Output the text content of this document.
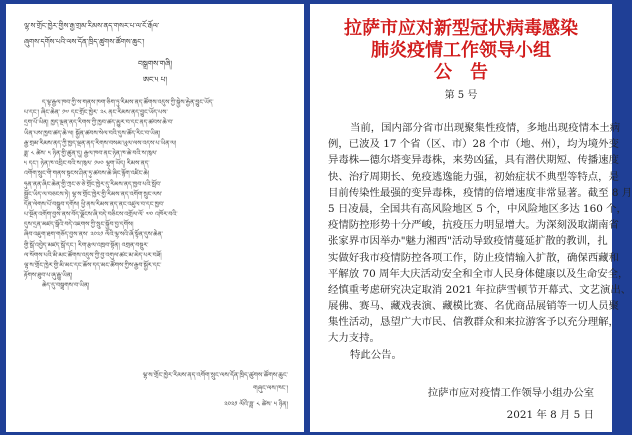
ལྷ་ས་གྲོང་ཁྱེར་གྱིས་རྒྱ་གྲམ་རིམས་ནད་གསར་པ་ལ་ངོ་རྒོལ་
ཞུགས་དགོས་པའི་ལས་དོན་ཁྲིད་ཚུགས་ཚོགས་ཆུང་།
བསྒྲགས་གཞི།
ཨང་༥ པ།
ད་ལྟ་རྒྱལ་ཁབ་ཀྱི་ས་གནས་ཁག་ཅིག་ཏུ་རིམས་ནད་ཚོགས་འདུས་ཀྱི་སྐྱེས་རྐྱེན་བྱུང་ཡོད་
པ་དང་། ཞིང་ཆེན་ ༡༧ དང་གྲོང་ཁྱེར་ ༢༨ ནང་རིམས་ནད་བྱུང་ཡོད་པས་
དྲག་པོ་ཡིན། ཁྱད་ལྡན་ནད་རིགས་ཀྱི་ཁྱབ་ཚད་མྱུར་བ་དང་ནད་ཚབས་ཆེ་བ་
ཡིན་པས་ཁྱབ་ཚད་ཆེ་ལ། སྐྱོན་ཚབས་སེལ་བའི་དུས་ཚོད་རིང་བ་ཡིན།
རྒྱ་གྲམ་རིམས་ནད་ཀྱི་ཁྱད་ལྡན་ནད་རིགས་བསམ་ཡུལ་ལས་འདས་པ་ཡིན་ལ།
ཟླ་ ༨ ཚེས་ ༥ ཉིན་གྱི་ཚུན་དུ། རྒྱལ་ཁབ་ནང་ཉེན་ཁ་ཆེ་བའི་ས་ཁུལ་
༥ དང་། ཉེན་ཁ་འབྲིང་བའི་ས་ཁུལ་ ༡༦༠ ལྷག་ཡོད། རིམས་ནད་
འགོག་སྲུང་གི་གནས་སྟངས་ཤིན་ཏུ་ཚབས་ཆེ་ཞིང་རྙོག་འཛིང་ཆེ།
ཧུན་ནན་ཞིང་ཆེན་གྱི་ཀྲང་ཅ་ཅེ་གྲོང་ཁྱེར་དུ་རིམས་ནད་ཁྱབ་པའི་སློབ་
སྦྱོང་ཡིད་ལ་བཅངས་ཏེ། ལྷ་ས་གྲོང་ཁྱེར་གྱི་རིམས་ནད་འགོག་སྲུང་ལས་
དོན་ལེགས་པོ་བསྒྲུབ་དགོས། ཕྱི་ནས་རིམས་ནད་ནང་འཛུལ་བ་དང་ཁྱབ་
པ་སྔོན་འགོག་བྱས་ནས་བོད་ལྗོངས་ཞི་བདེ་བཅིངས་འགྲོལ་ལོ་ ༧༠ འཁོར་བའི་
དུས་དྲན་མཛད་སྒོའི་བདེ་འཇགས་ཀྱི་སྲུང་སྐྱོབ་བྱ་དགོས།
ཞིབ་འཇུག་ཐག་གཅོད་བྱས་ནས་ ༢༠༢༡ ལོའི་ལྷ་སའི་ཞོ་སྟོན་དུས་ཆེན་
གྱི་སྒོ་འབྱེད་མཛད་སྒོ་དང་། རིག་རྩལ་འཁྲབ་སྟོན། འགྲན་བསྡུར་
ལ་སོགས་པའི་མི་མང་ཚོགས་འདུས་ཀྱི་བྱ་འགུལ་ཚང་མ་མེད་པར་བཟོ།
ལྷ་ས་གྲོང་ཁྱེར་གྱི་མི་མང་དང་ཆོས་དད་མང་ཚོགས་ཀྱིས་རྒྱབ་སྐྱོར་དང་
རྟོགས་ཐུབ་པ་ཞུ་རྒྱུ་ཡིན།
ཆེད་དུ་བསྒྲགས་བ་ཡིན།
ལྷ་ས་གྲོང་ཁྱེར་རིམས་ནད་འགོག་སྲུང་ལས་དོན་ཁྲིད་ཚུགས་ཚོགས་ཆུང་
གཞུང་ལས་ཁང་།
༢༠༢༡ ལོའི་ཟླ་ ༨ ཚེས་ ༥ ཉིན།
拉萨市应对新型冠状病毒感染
肺炎疫情工作领导小组
公　告
第 5 号
当前，国内部分省市出现聚集性疫情，多地出现疫情本土病
例，已波及 17 个省（区、市）28 个市（地、州），均为境外变
异毒株—德尔塔变异毒株，来势凶猛，具有潜伏期短、传播速度
快、治疗周期长、免疫逃逸能力强，初始症状不典型等特点，是
目前传染性最强的变异毒株，疫情的倍增速度非常显著。截至 8 月
5 日凌晨，全国共有高风险地区 5 个，中风险地区多达 160 个，
疫情防控形势十分严峻，抗疫压力明显增大。为深刻汲取湖南省
张家界市因举办"魅力湘西"活动导致疫情蔓延扩散的教训，扎
实做好我市疫情防控各项工作，防止疫情输入扩散，确保西藏和
平解放 70 周年大庆活动安全和全市人民身体健康以及生命安全，
经慎重考虑研究决定取消 2021 年拉萨雪顿节开幕式、文艺演出、
展佛、赛马、藏戏表演、藏模比赛、名优商品展销等一切人员聚
集性活动，恳望广大市民、信教群众和来拉游客予以充分理解，
大力支持。
特此公告。
拉萨市应对疫情工作领导小组办公室
2021 年 8 月 5 日
